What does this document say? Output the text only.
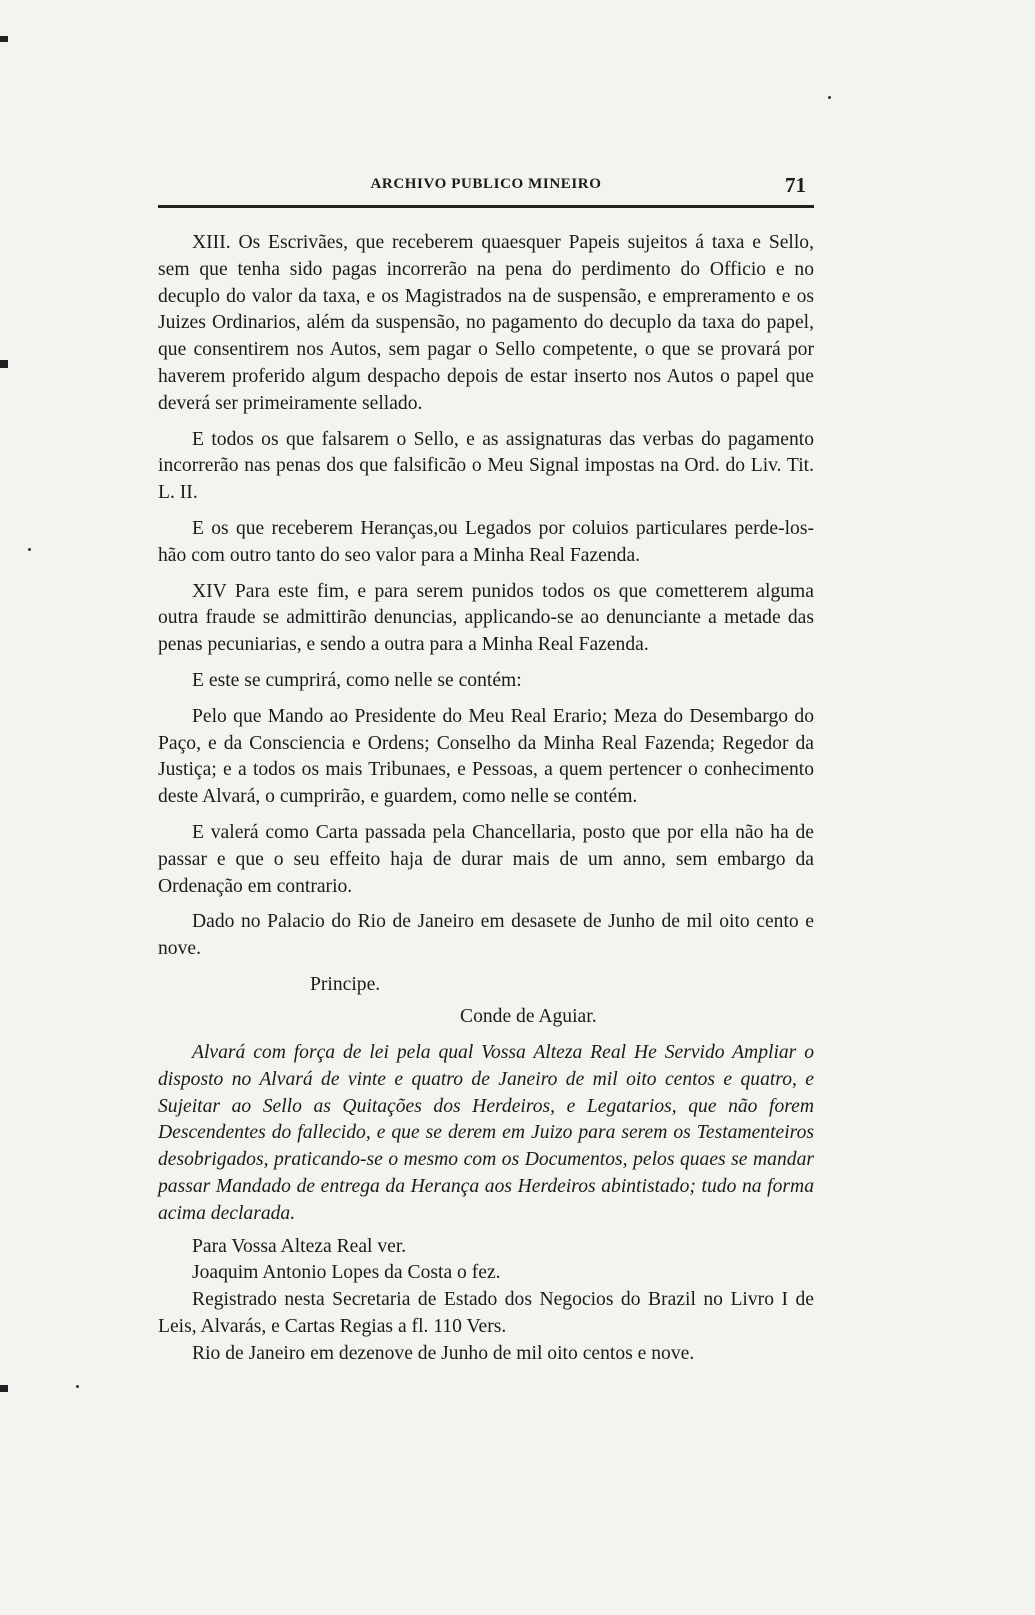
ARCHIVO PUBLICO MINEIRO	71

XIII. Os Escrivães, que receberem quaesquer Papeis sujeitos á taxa e Sello, sem que tenha sido pagas incorrerão na pena do perdimento do Officio e no decuplo do valor da taxa, e os Magistrados na de suspensão, e empreramento e os Juizes Ordinarios, além da suspensão, no pagamento do decuplo da taxa do papel, que consentirem nos Autos, sem pagar o Sello competente, o que se provará por haverem proferido algum despacho depois de estar inserto nos Autos o papel que deverá ser primeiramente sellado.

E todos os que falsarem o Sello, e as assignaturas das verbas do pagamento incorrerão nas penas dos que falsificão o Meu Signal impostas na Ord. do Liv. Tit. L. II.

E os que receberem Heranças,ou Legados por coluios particulares perde-los-hão com outro tanto do seo valor para a Minha Real Fazenda.

XIV Para este fim, e para serem punidos todos os que cometterem alguma outra fraude se admittirão denuncias, applicando-se ao denunciante a metade das penas pecuniarias, e sendo a outra para a Minha Real Fazenda.

E este se cumprirá, como nelle se contém:

Pelo que Mando ao Presidente do Meu Real Erario; Meza do Desembargo do Paço, e da Consciencia e Ordens; Conselho da Minha Real Fazenda; Regedor da Justiça; e a todos os mais Tribunaes, e Pessoas, a quem pertencer o conhecimento deste Alvará, o cumprirão, e guardem, como nelle se contém.

E valerá como Carta passada pela Chancellaria, posto que por ella não ha de passar e que o seu effeito haja de durar mais de um anno, sem embargo da Ordenação em contrario.

Dado no Palacio do Rio de Janeiro em desasete de Junho de mil oito cento e nove.

Principe.
Conde de Aguiar.

Alvará com força de lei pela qual Vossa Alteza Real He Servido Ampliar o disposto no Alvará de vinte e quatro de Janeiro de mil oito centos e quatro, e Sujeitar ao Sello as Quitações dos Herdeiros, e Legatarios, que não forem Descendentes do fallecido, e que se derem em Juizo para serem os Testamenteiros desobrigados, praticando-se o mesmo com os Documentos, pelos quaes se mandar passar Mandado de entrega da Herança aos Herdeiros abintistado; tudo na forma acima declarada.

Para Vossa Alteza Real ver.

Joaquim Antonio Lopes da Costa o fez.

Registrado nesta Secretaria de Estado dos Negocios do Brazil no Livro I de Leis, Alvarás, e Cartas Regias a fl. 110 Vers.

Rio de Janeiro em dezenove de Junho de mil oito centos e nove.
